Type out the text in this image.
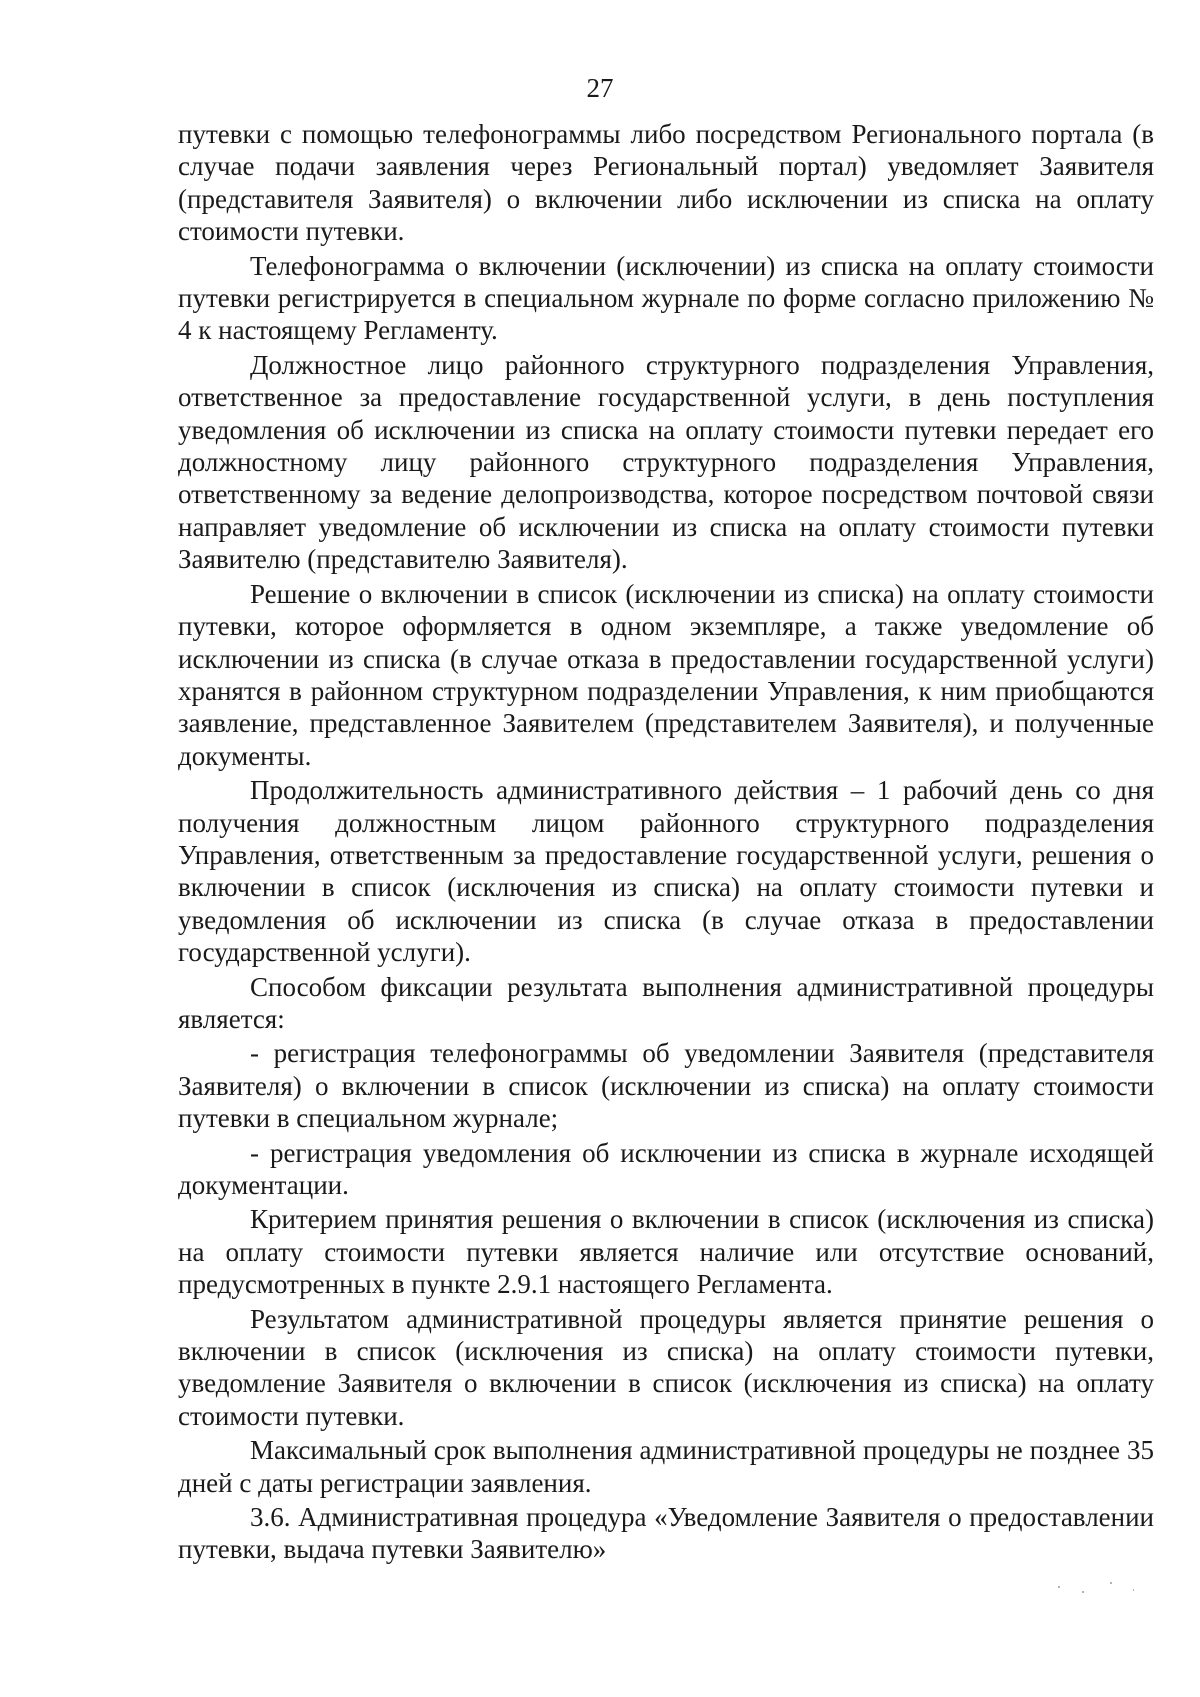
27

путевки с помощью телефонограммы либо посредством Регионального портала (в случае подачи заявления через Региональный портал) уведомляет Заявителя (представителя Заявителя) о включении либо исключении из списка на оплату стоимости путевки.

Телефонограмма о включении (исключении) из списка на оплату стоимости путевки регистрируется в специальном журнале по форме согласно приложению № 4 к настоящему Регламенту.

Должностное лицо районного структурного подразделения Управления, ответственное за предоставление государственной услуги, в день поступления уведомления об исключении из списка на оплату стоимости путевки передает его должностному лицу районного структурного подразделения Управления, ответственному за ведение делопроизводства, которое посредством почтовой связи направляет уведомление об исключении из списка на оплату стоимости путевки Заявителю (представителю Заявителя).

Решение о включении в список (исключении из списка) на оплату стоимости путевки, которое оформляется в одном экземпляре, а также уведомление об исключении из списка (в случае отказа в предоставлении государственной услуги) хранятся в районном структурном подразделении Управления, к ним приобщаются заявление, представленное Заявителем (представителем Заявителя), и полученные документы.

Продолжительность административного действия – 1 рабочий день со дня получения должностным лицом районного структурного подразделения Управления, ответственным за предоставление государственной услуги, решения о включении в список (исключения из списка) на оплату стоимости путевки и уведомления об исключении из списка (в случае отказа в предоставлении государственной услуги).

Способом фиксации результата выполнения административной процедуры является:

- регистрация телефонограммы об уведомлении Заявителя (представителя Заявителя) о включении в список (исключении из списка) на оплату стоимости путевки в специальном журнале;

- регистрация уведомления об исключении из списка в журнале исходящей документации.

Критерием принятия решения о включении в список (исключения из списка) на оплату стоимости путевки является наличие или отсутствие оснований, предусмотренных в пункте 2.9.1 настоящего Регламента.

Результатом административной процедуры является принятие решения о включении в список (исключения из списка) на оплату стоимости путевки, уведомление Заявителя о включении в список (исключения из списка) на оплату стоимости путевки.

Максимальный срок выполнения административной процедуры не позднее 35 дней с даты регистрации заявления.

3.6. Административная процедура «Уведомление Заявителя о предоставлении путевки, выдача путевки Заявителю»
